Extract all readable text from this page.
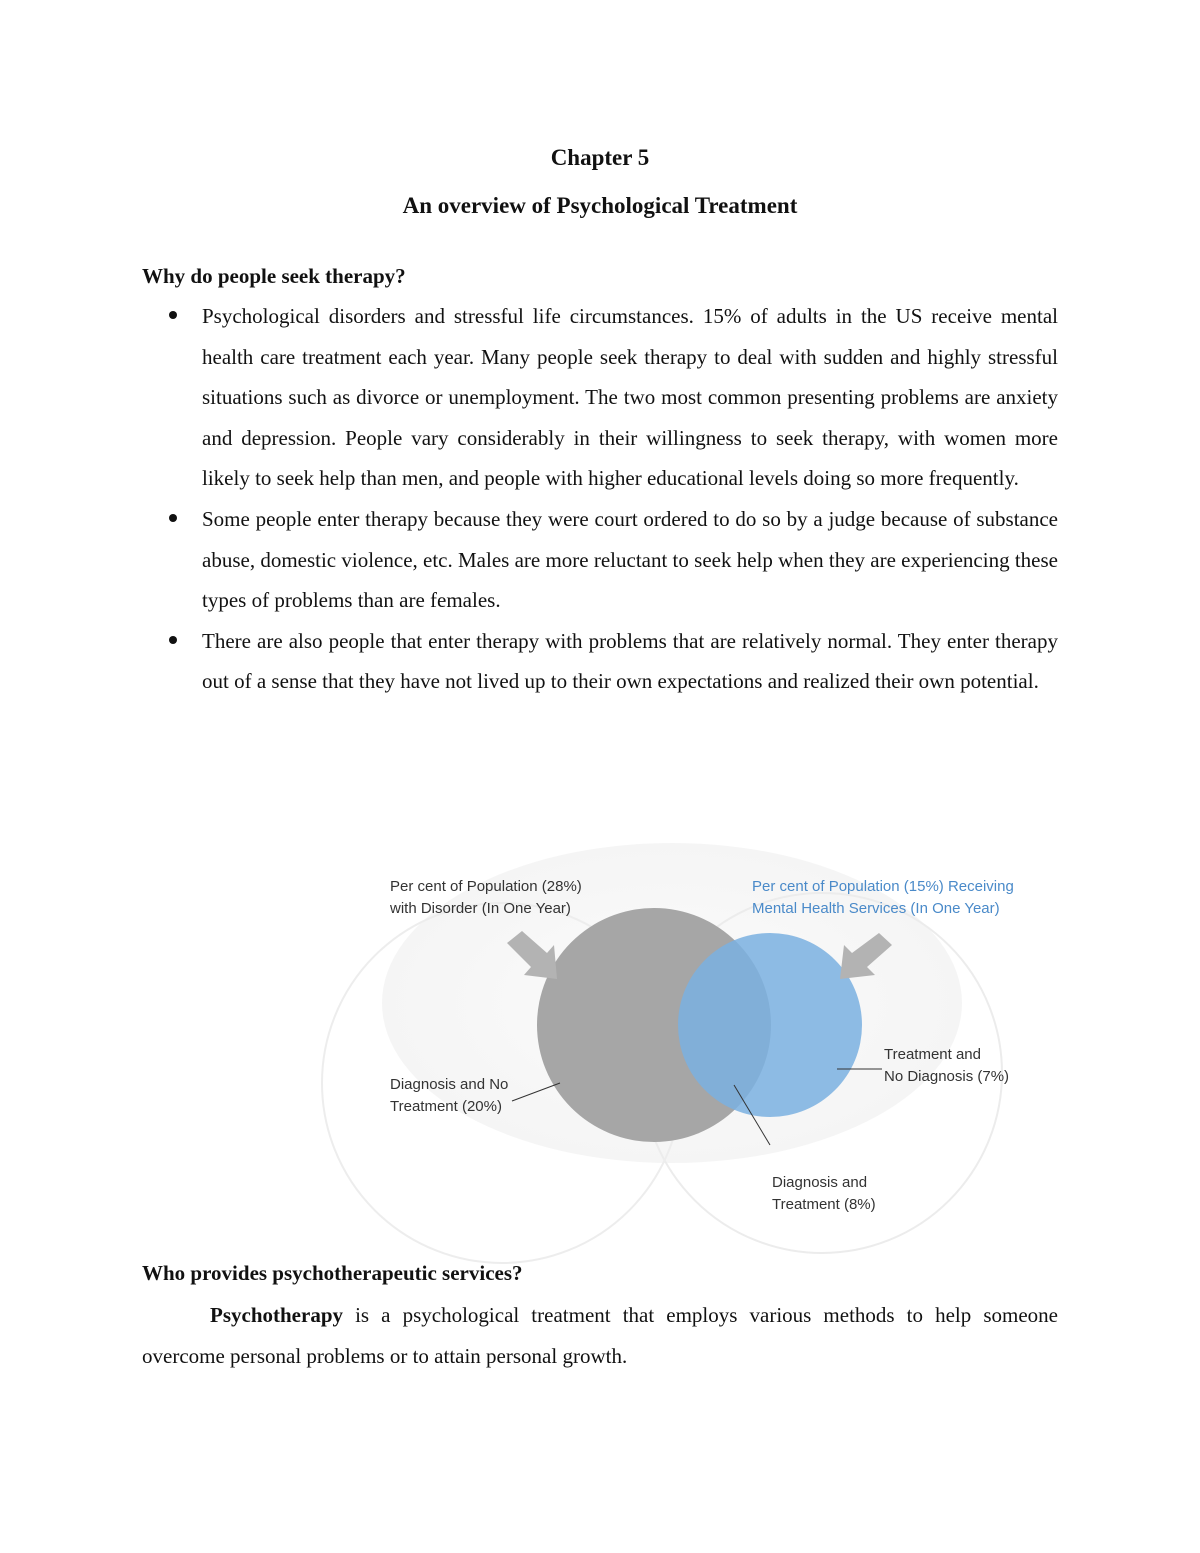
Chapter 5
An overview of Psychological Treatment
Why do people seek therapy?
Psychological disorders and stressful life circumstances. 15% of adults in the US receive mental health care treatment each year. Many people seek therapy to deal with sudden and highly stressful situations such as divorce or unemployment. The two most common presenting problems are anxiety and depression. People vary considerably in their willingness to seek therapy, with women more likely to seek help than men, and people with higher educational levels doing so more frequently.
Some people enter therapy because they were court ordered to do so by a judge because of substance abuse, domestic violence, etc. Males are more reluctant to seek help when they are experiencing these types of problems than are females.
There are also people that enter therapy with problems that are relatively normal. They enter therapy out of a sense that they have not lived up to their own expectations and realized their own potential.
Per cent of Population (28%)
with Disorder (In One Year)
Per cent of Population (15%) Receiving
Mental Health Services (In One Year)
Diagnosis and No
Treatment (20%)
Treatment and
No Diagnosis (7%)
Diagnosis and
Treatment (8%)
Who provides psychotherapeutic services?

Psychotherapy is a psychological treatment that employs various methods to help someone overcome personal problems or to attain personal growth.
